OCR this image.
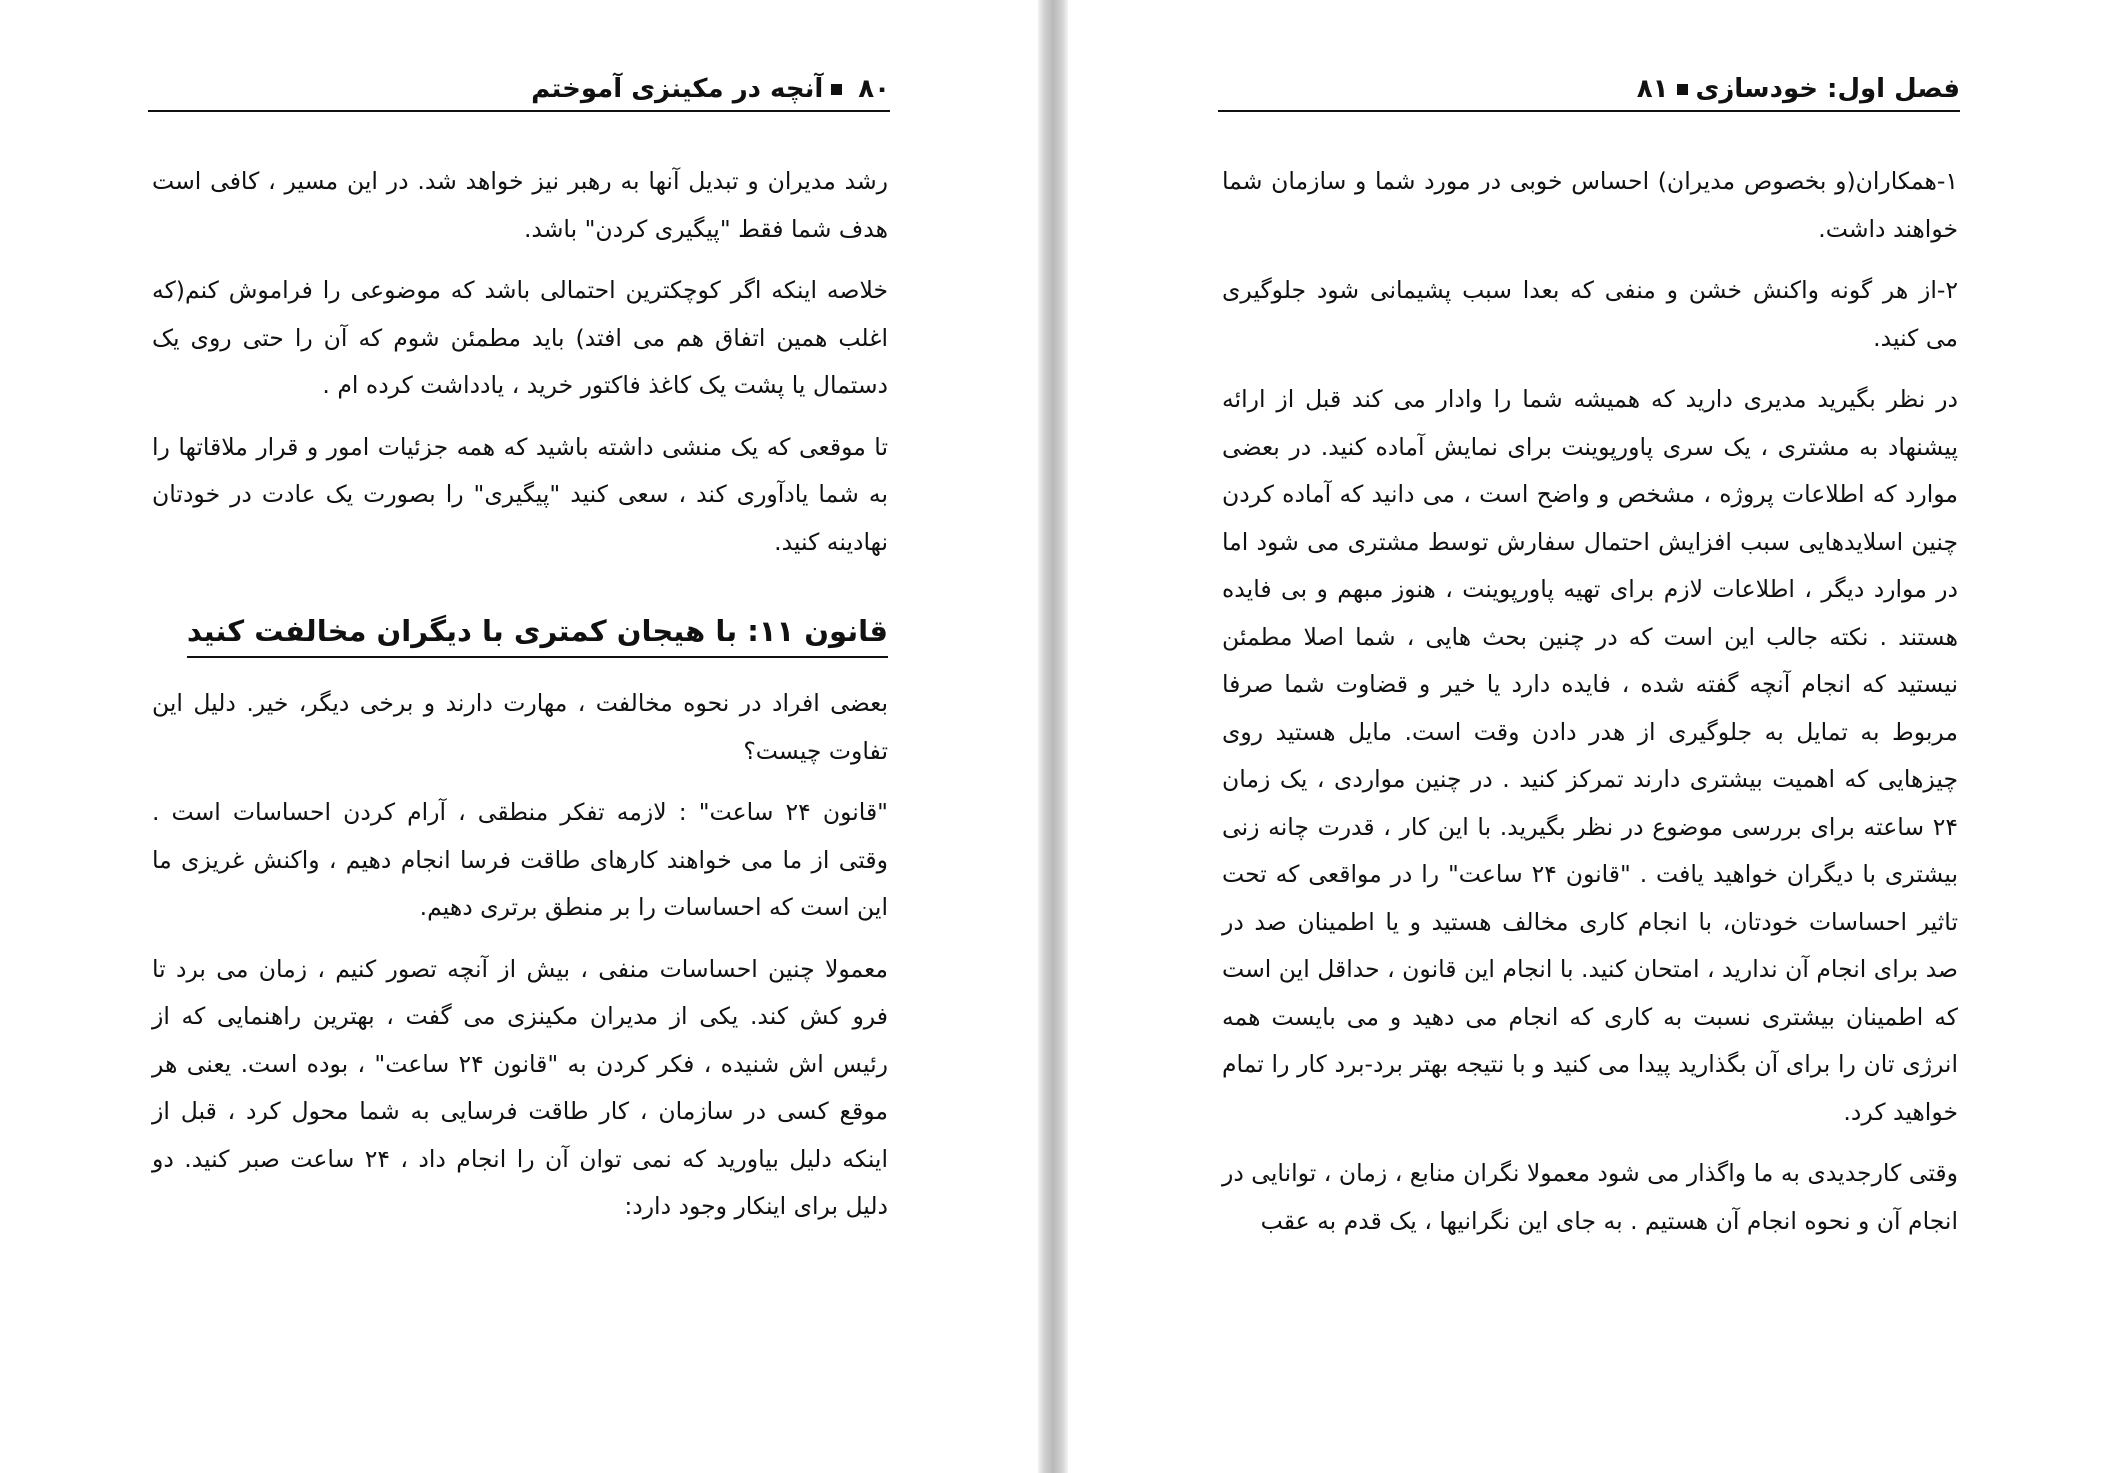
۸۰آنچه در مکینزی آموختم

رشد مدیران و تبدیل آنها به رهبر نیز خواهد شد. در این مسیر ، کافی است هدف شما فقط "پیگیری کردن" باشد.

خلاصه اینکه اگر کوچکترین احتمالی باشد که موضوعی را فراموش کنم(که اغلب همین اتفاق هم می افتد) باید مطمئن شوم که آن را حتی روی یک دستمال یا پشت یک کاغذ فاکتور خرید ، یادداشت کرده ام .

تا موقعی که یک منشی داشته باشید که همه جزئیات امور و قرار ملاقاتها را به شما یادآوری کند ، سعی کنید "پیگیری" را بصورت یک عادت در خودتان نهادینه کنید.

قانون ۱۱: با هیجان کمتری با دیگران مخالفت کنید

بعضی افراد در نحوه مخالفت ، مهارت دارند و برخی دیگر، خیر. دلیل این تفاوت چیست؟

"قانون ۲۴ ساعت" : لازمه تفکر منطقی ، آرام کردن احساسات است . وقتی از ما می خواهند کارهای طاقت فرسا انجام دهیم ، واکنش غریزی ما این است که احساسات را بر منطق برتری دهیم.

معمولا چنین احساسات منفی ، بیش از آنچه تصور کنیم ، زمان می برد تا فرو کش کند. یکی از مدیران مکینزی می گفت ، بهترین راهنمایی که از رئیس اش شنیده ، فکر کردن به "قانون ۲۴ ساعت" ، بوده است. یعنی هر موقع کسی در سازمان ، کار طاقت فرسایی به شما محول کرد ، قبل از اینکه دلیل بیاورید که نمی توان آن را انجام داد ، ۲۴ ساعت صبر کنید. دو دلیل برای اینکار وجود دارد:

فصل اول: خودسازی۸۱

۱-همکاران(و بخصوص مدیران) احساس خوبی در مورد شما و سازمان شما خواهند داشت.

۲-از هر گونه واکنش خشن و منفی که بعدا سبب پشیمانی شود جلوگیری می کنید.

در نظر بگیرید مدیری دارید که همیشه شما را وادار می کند قبل از ارائه پیشنهاد به مشتری ، یک سری پاورپوینت برای نمایش آماده کنید. در بعضی موارد که اطلاعات پروژه ، مشخص و واضح است ، می دانید که آماده کردن چنین اسلایدهایی سبب افزایش احتمال سفارش توسط مشتری می شود اما در موارد دیگر ، اطلاعات لازم برای تهیه پاورپوینت ، هنوز مبهم و بی فایده هستند . نکته جالب این است که در چنین بحث هایی ، شما اصلا مطمئن نیستید که انجام آنچه گفته شده ، فایده دارد یا خیر و قضاوت شما صرفا مربوط به تمایل به جلوگیری از هدر دادن وقت است. مایل هستید روی چیزهایی که اهمیت بیشتری دارند تمرکز کنید . در چنین مواردی ، یک زمان ۲۴ ساعته برای بررسی موضوع در نظر بگیرید. با این کار ، قدرت چانه زنی بیشتری با دیگران خواهید یافت . "قانون ۲۴ ساعت" را در مواقعی که تحت تاثیر احساسات خودتان، با انجام کاری مخالف هستید و یا اطمینان صد در صد برای انجام آن ندارید ، امتحان کنید. با انجام این قانون ، حداقل این است که اطمینان بیشتری نسبت به کاری که انجام می دهید و می بایست همه انرژی تان را برای آن بگذارید پیدا می کنید و با نتیجه بهتر برد-برد کار را تمام خواهید کرد.

وقتی کارجدیدی به ما واگذار می شود معمولا نگران منابع ، زمان ، توانایی در انجام آن و نحوه انجام آن هستیم . به جای این نگرانیها ، یک قدم به عقب
